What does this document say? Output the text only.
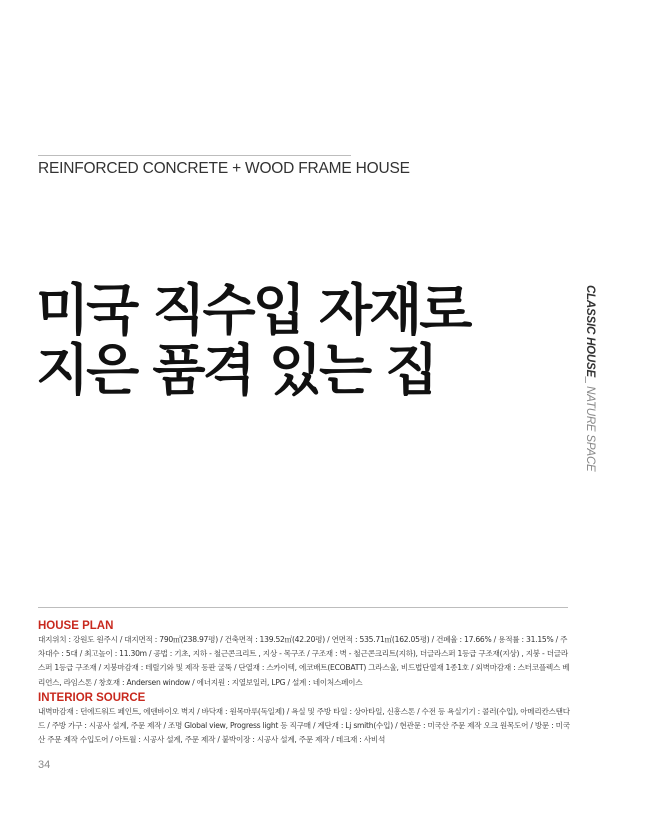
REINFORCED CONCRETE + WOOD FRAME HOUSE
미국 직수입 자재로
지은 품격 있는 집	CLASSIC HOUSE_ NATURE SPACE
HOUSE PLAN
대지위치 : 강원도 원주시 / 대지면적 : 790㎡(238.97평) / 건축면적 : 139.52㎡(42.20평) / 연면적 : 535.71㎡(162.05평) / 건폐율 : 17.66% / 용적률 : 31.15% / 주차대수 : 5대 / 최고높이 : 11.30m / 공법 : 기초, 지하 - 철근콘크리트 , 지상 - 목구조 / 구조재 : 벽 - 철근콘크리트(지하), 더글라스퍼 1등급 구조재(지상) , 지붕 - 더글라스퍼 1등급 구조재 / 지붕마감재 : 테릴기와 및 제작 동판 굴뚝 / 단열재 : 스카이텍, 에코배트(ECOBATT) 그라스울, 비드법단열재 1종1호 / 외벽마감재 : 스터코플렉스 베리언스, 라임스톤 / 창호재 : Andersen window / 에너지원 : 지열보일러, LPG / 설계 : 네이처스페이스
INTERIOR SOURCE
내벽마감재 : 던에드워드 페인트, 에덴바이오 벽지 / 바닥재 : 원목마루(독일제) / 욕실 및 주방 타일 : 상아타일, 신흥스톤 / 수전 등 욕실기기 : 콜러(수입), 아메리칸스탠다드 / 주방 가구 : 시공사 설계, 주문 제작 / 조명 Global view, Progress light 등 직구매 / 계단재 : Lj smith(수입) / 현관문 : 미국산 주문 제작 오크 원목도어 / 방문 : 미국산 주문 제작 수입도어 / 아트월 : 시공사 설계, 주문 제작 / 붙박이장 : 시공사 설계, 주문 제작 / 데크재 : 사비석
34
